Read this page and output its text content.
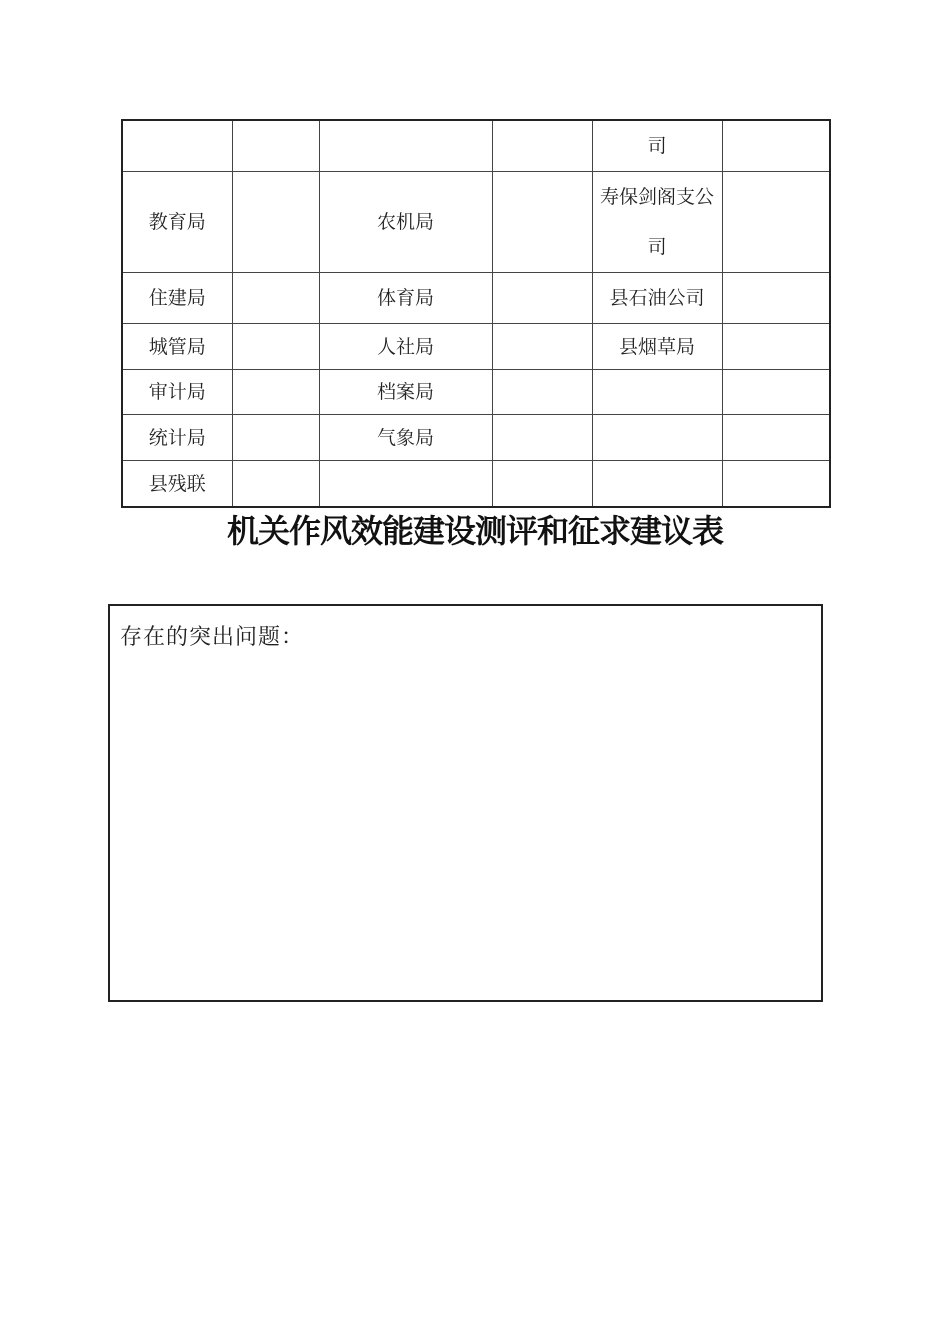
				司	
教育局		农机局		寿保剑阁支公司	
住建局		体育局		县石油公司	
城管局		人社局		县烟草局	
审计局		档案局			
统计局		气象局			
县残联					
机关作风效能建设测评和征求建议表
存在的突出问题：
